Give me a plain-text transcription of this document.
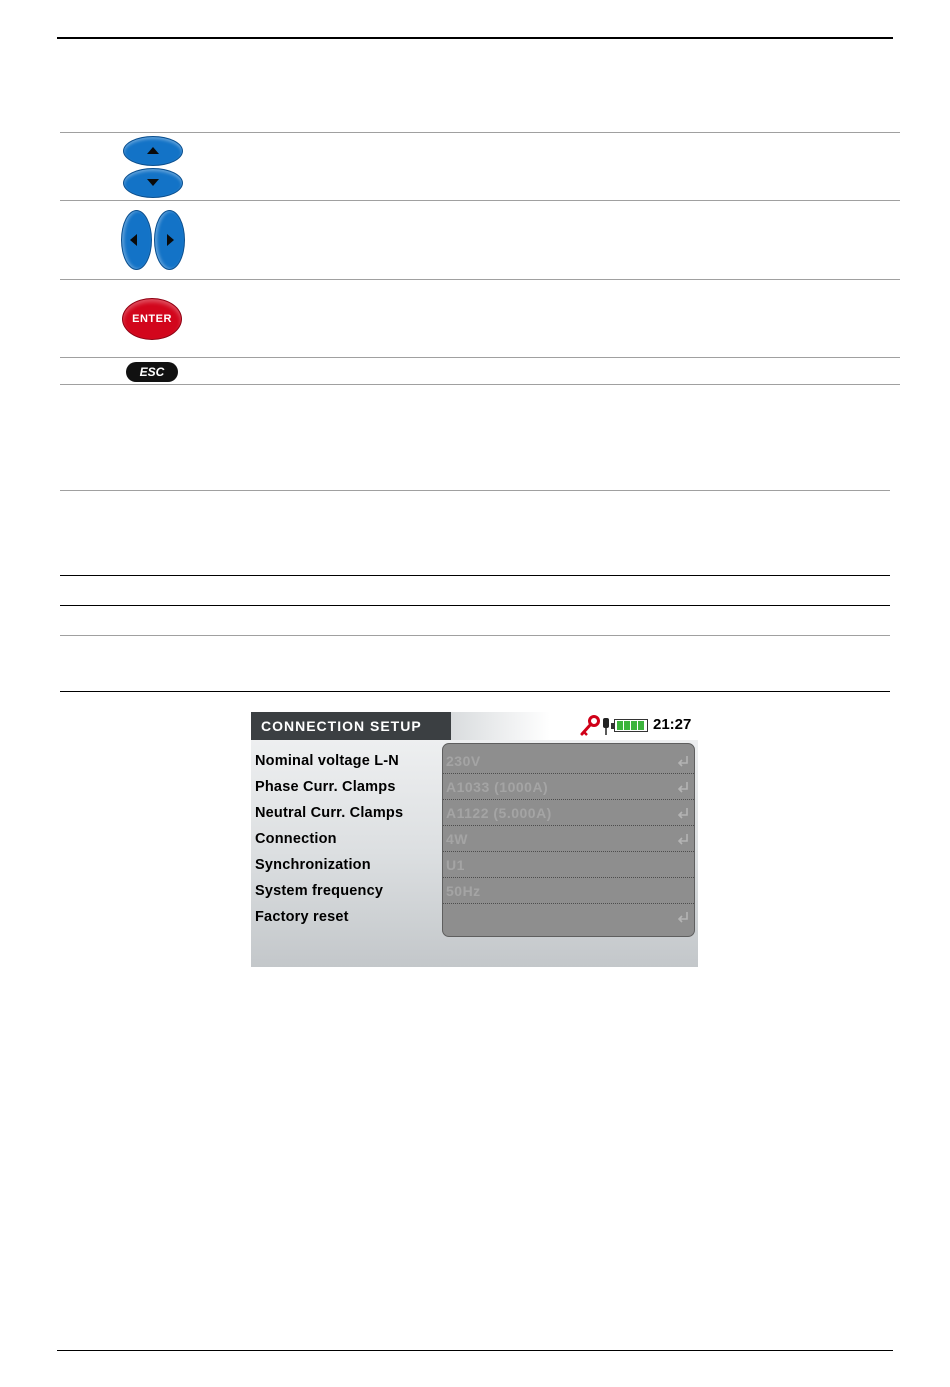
ENTER
ESC
CONNECTION SETUP	21:27
Nominal voltage L-N
Phase Curr. Clamps
Neutral Curr. Clamps
Connection
Synchronization
System frequency
Factory reset
230V
A1033 (1000A)
A1122 (5.000A)
4W
U1
50Hz
